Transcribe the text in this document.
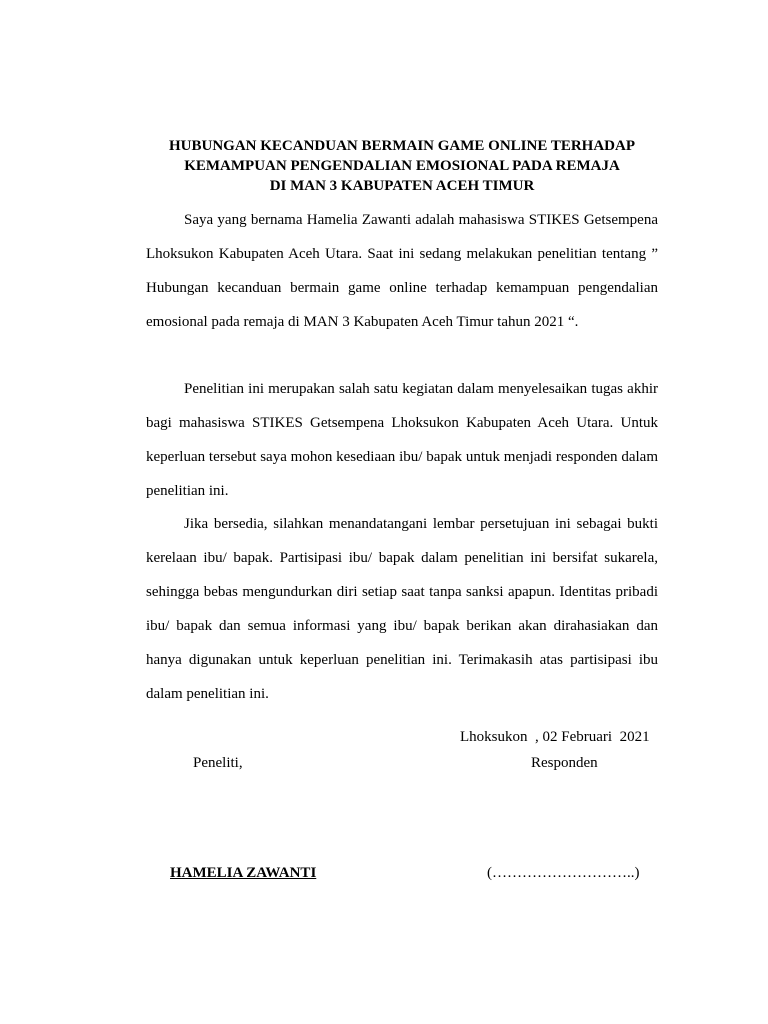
HUBUNGAN KECANDUAN BERMAIN GAME ONLINE TERHADAP
KEMAMPUAN PENGENDALIAN EMOSIONAL PADA REMAJA
DI MAN 3 KABUPATEN ACEH TIMUR

Saya yang bernama Hamelia Zawanti adalah mahasiswa STIKES Getsempena Lhoksukon Kabupaten Aceh Utara. Saat ini sedang melakukan penelitian tentang ” Hubungan kecanduan bermain game online terhadap kemampuan pengendalian emosional pada remaja di MAN 3 Kabupaten Aceh Timur tahun 2021 “.

Penelitian ini merupakan salah satu kegiatan dalam menyelesaikan tugas akhir bagi mahasiswa STIKES Getsempena Lhoksukon Kabupaten Aceh Utara. Untuk keperluan tersebut saya mohon kesediaan ibu/ bapak untuk menjadi responden dalam penelitian ini.

Jika bersedia, silahkan menandatangani lembar persetujuan ini sebagai bukti kerelaan ibu/ bapak. Partisipasi ibu/ bapak dalam penelitian ini bersifat sukarela, sehingga bebas mengundurkan diri setiap saat tanpa sanksi apapun. Identitas pribadi ibu/ bapak dan semua informasi yang ibu/ bapak berikan akan dirahasiakan dan hanya digunakan untuk keperluan penelitian ini. Terimakasih atas partisipasi ibu dalam penelitian ini.

Lhoksukon  , 02 Februari  2021
Peneliti,	Responden
HAMELIA ZAWANTI	(………………………..)
